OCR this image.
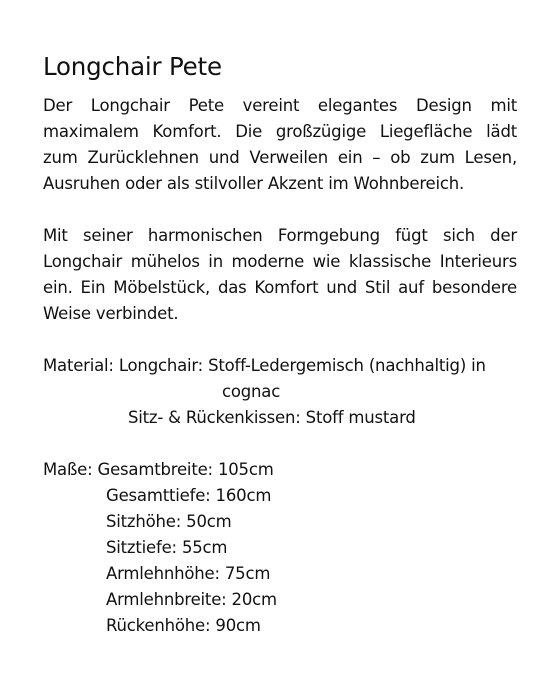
Longchair Pete

Der Longchair Pete vereint elegantes Design mit
maximalem Komfort. Die großzügige Liegefläche lädt
zum Zurücklehnen und Verweilen ein – ob zum Lesen,
Ausruhen oder als stilvoller Akzent im Wohnbereich.

Mit seiner harmonischen Formgebung fügt sich der
Longchair mühelos in moderne wie klassische Interieurs
ein. Ein Möbelstück, das Komfort und Stil auf besondere
Weise verbindet.

Material: Longchair: Stoff-Ledergemisch (nachhaltig) in
cognac
Sitz- & Rückenkissen: Stoff mustard
Maße: Gesamtbreite: 105cm
Gesamttiefe: 160cm
Sitzhöhe: 50cm
Sitztiefe: 55cm
Armlehnhöhe: 75cm
Armlehnbreite: 20cm
Rückenhöhe: 90cm
